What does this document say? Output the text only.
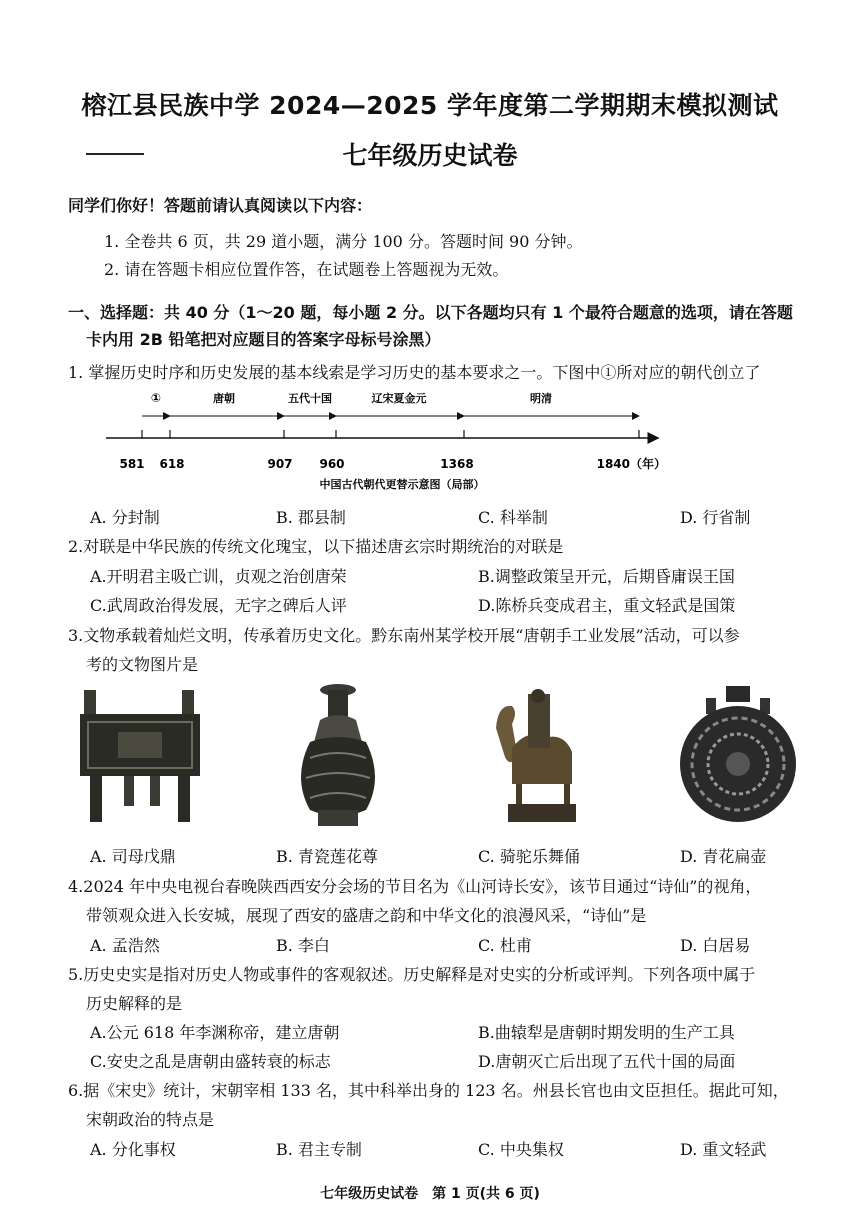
榕江县民族中学 2024—2025 学年度第二学期期末模拟测试
七年级历史试卷
同学们你好！答题前请认真阅读以下内容：
1. 全卷共 6 页，共 29 道小题，满分 100 分。答题时间 90 分钟。
2. 请在答题卡相应位置作答，在试题卷上答题视为无效。
一、选择题：共 40 分（1～20 题，每小题 2 分。以下各题均只有 1 个最符合题意的选项，请在答题
卡内用 2B 铅笔把对应题目的答案字母标号涂黑）
1. 掌握历史时序和历史发展的基本线索是学习历史的基本要求之一。下图中①所对应的朝代创立了
①	唐朝	五代十国	辽宋夏金元	明清
581 618	907 960	1368	1840（年）
中国古代朝代更替示意图（局部）
A. 分封制	B. 郡县制	C. 科举制	D. 行省制
2.对联是中华民族的传统文化瑰宝，以下描述唐玄宗时期统治的对联是
A.开明君主吸亡训，贞观之治创唐荣	B.调整政策呈开元，后期昏庸误王国
C.武周政治得发展，无字之碑后人评	D.陈桥兵变成君主，重文轻武是国策
3.文物承载着灿烂文明，传承着历史文化。黔东南州某学校开展“唐朝手工业发展”活动，可以参
考的文物图片是
A. 司母戊鼎	B. 青瓷莲花尊	C. 骑驼乐舞俑	D. 青花扁壶
4.2024 年中央电视台春晚陕西西安分会场的节目名为《山河诗长安》，该节目通过“诗仙”的视角，
带领观众进入长安城，展现了西安的盛唐之韵和中华文化的浪漫风采，“诗仙”是
A. 孟浩然	B. 李白	C. 杜甫	D. 白居易
5.历史史实是指对历史人物或事件的客观叙述。历史解释是对史实的分析或评判。下列各项中属于
历史解释的是
A.公元 618 年李渊称帝，建立唐朝	B.曲辕犁是唐朝时期发明的生产工具
C.安史之乱是唐朝由盛转衰的标志	D.唐朝灭亡后出现了五代十国的局面
6.据《宋史》统计，宋朝宰相 133 名，其中科举出身的 123 名。州县长官也由文臣担任。据此可知，
宋朝政治的特点是
A. 分化事权	B. 君主专制	C. 中央集权	D. 重文轻武
七年级历史试卷　第 1 页(共 6 页)
